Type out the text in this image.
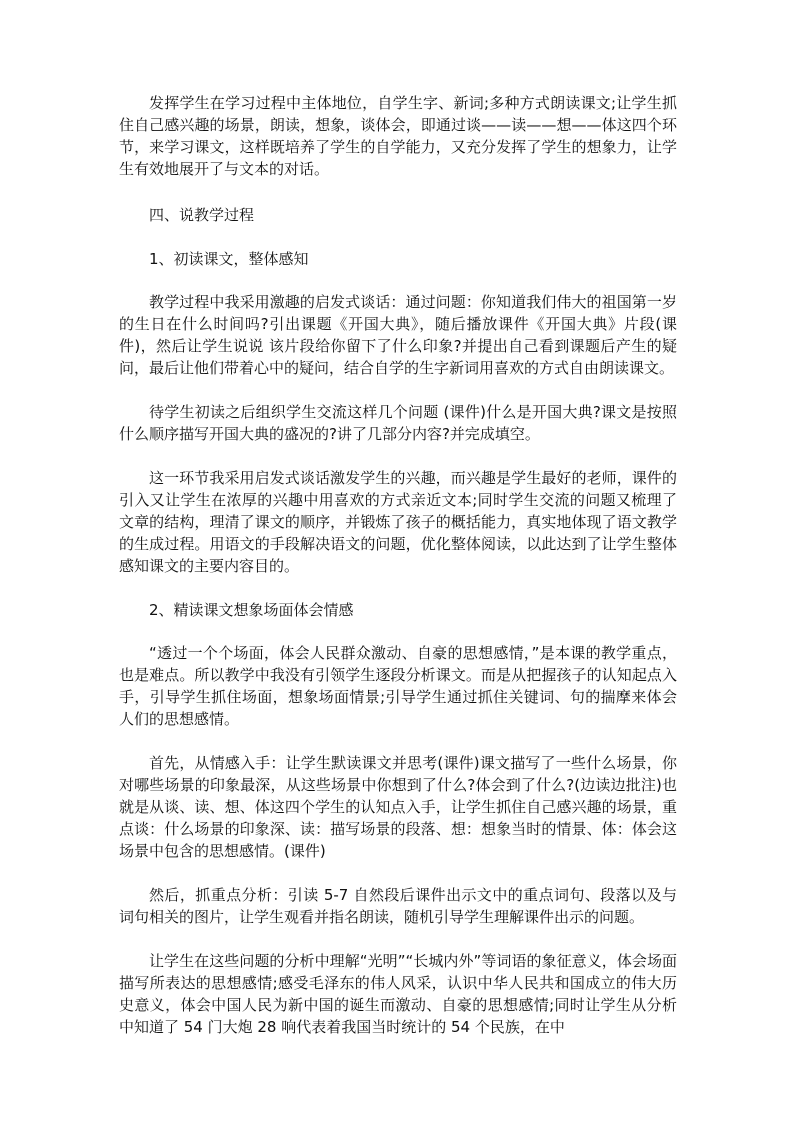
发挥学生在学习过程中主体地位，自学生字、新词;多种方式朗读课文;让学生抓住自己感兴趣的场景，朗读，想象，谈体会，即通过谈——读——想——体这四个环节，来学习课文，这样既培养了学生的自学能力，又充分发挥了学生的想象力，让学生有效地展开了与文本的对话。

四、说教学过程

1、初读课文，整体感知

教学过程中我采用激趣的启发式谈话：通过问题：你知道我们伟大的祖国第一岁的生日在什么时间吗?引出课题《开国大典》，随后播放课件《开国大典》片段(课件)，然后让学生说说 该片段给你留下了什么印象?并提出自己看到课题后产生的疑问，最后让他们带着心中的疑问，结合自学的生字新词用喜欢的方式自由朗读课文。

待学生初读之后组织学生交流这样几个问题 (课件)什么是开国大典?课文是按照什么顺序描写开国大典的盛况的?讲了几部分内容?并完成填空。

这一环节我采用启发式谈话激发学生的兴趣，而兴趣是学生最好的老师，课件的引入又让学生在浓厚的兴趣中用喜欢的方式亲近文本;同时学生交流的问题又梳理了文章的结构，理清了课文的顺序，并锻炼了孩子的概括能力，真实地体现了语文教学的生成过程。用语文的手段解决语文的问题，优化整体阅读，以此达到了让学生整体感知课文的主要内容目的。

2、精读课文想象场面体会情感

“透过一个个场面，体会人民群众激动、自豪的思想感情，”是本课的教学重点，也是难点。所以教学中我没有引领学生逐段分析课文。而是从把握孩子的认知起点入手，引导学生抓住场面，想象场面情景;引导学生通过抓住关键词、句的揣摩来体会人们的思想感情。

首先，从情感入手：让学生默读课文并思考(课件)课文描写了一些什么场景，你对哪些场景的印象最深，从这些场景中你想到了什么?体会到了什么?(边读边批注)也就是从谈、读、想、体这四个学生的认知点入手，让学生抓住自己感兴趣的场景，重点谈：什么场景的印象深、读：描写场景的段落、想：想象当时的情景、体：体会这场景中包含的思想感情。(课件)

然后，抓重点分析：引读 5-7 自然段后课件出示文中的重点词句、段落以及与词句相关的图片，让学生观看并指名朗读，随机引导学生理解课件出示的问题。

让学生在这些问题的分析中理解“光明”“长城内外”等词语的象征意义，体会场面描写所表达的思想感情;感受毛泽东的伟人风采，认识中华人民共和国成立的伟大历史意义，体会中国人民为新中国的诞生而激动、自豪的思想感情;同时让学生从分析中知道了 54 门大炮 28 响代表着我国当时统计的 54 个民族，在中
